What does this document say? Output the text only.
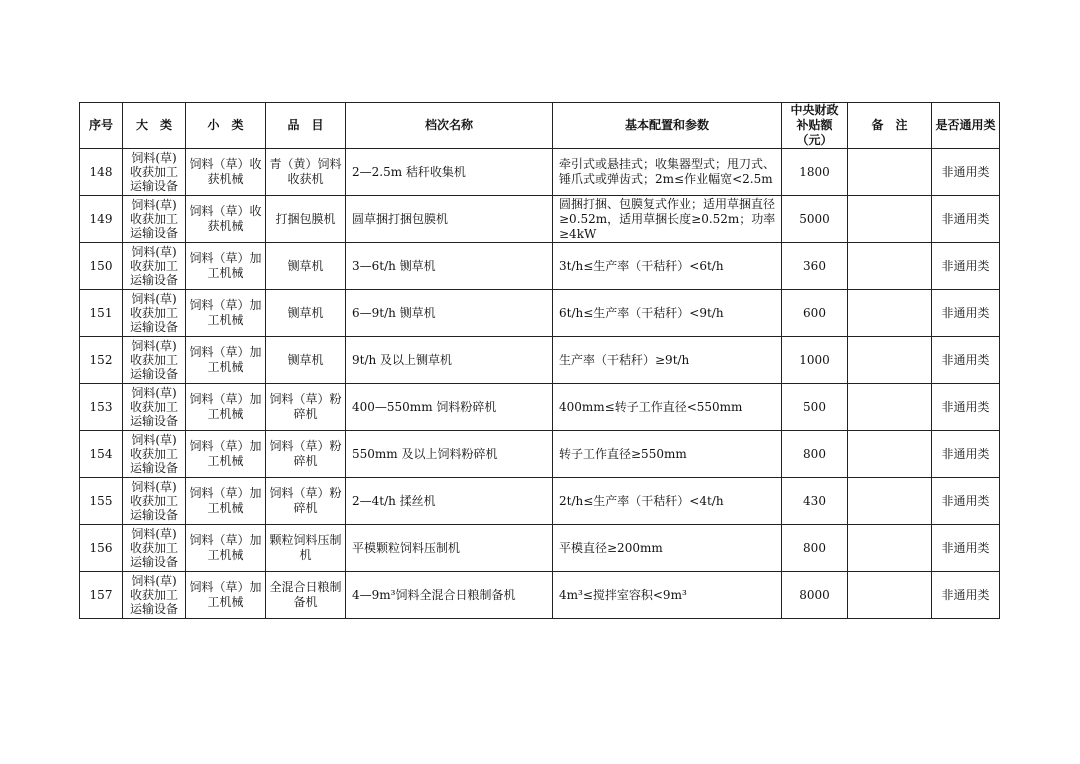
序号	大　类	小　类	品　目	档次名称	基本配置和参数	中央财政补贴额（元）	备　注	是否通用类
148	饲料(草)收获加工运输设备	饲料（草）收获机械	青（黄）饲料收获机	2—2.5m 秸秆收集机	牵引式或悬挂式；收集器型式；甩刀式、锤爪式或弹齿式；2m≤作业幅宽<2.5m	1800		非通用类
149	饲料(草)收获加工运输设备	饲料（草）收获机械	打捆包膜机	圆草捆打捆包膜机	圆捆打捆、包膜复式作业；适用草捆直径≥0.52m，适用草捆长度≥0.52m；功率≥4kW	5000		非通用类
150	饲料(草)收获加工运输设备	饲料（草）加工机械	铡草机	3—6t/h 铡草机	3t/h≤生产率（干秸秆）<6t/h	360		非通用类
151	饲料(草)收获加工运输设备	饲料（草）加工机械	铡草机	6—9t/h 铡草机	6t/h≤生产率（干秸秆）<9t/h	600		非通用类
152	饲料(草)收获加工运输设备	饲料（草）加工机械	铡草机	9t/h 及以上铡草机	生产率（干秸秆）≥9t/h	1000		非通用类
153	饲料(草)收获加工运输设备	饲料（草）加工机械	饲料（草）粉碎机	400—550mm 饲料粉碎机	400mm≤转子工作直径<550mm	500		非通用类
154	饲料(草)收获加工运输设备	饲料（草）加工机械	饲料（草）粉碎机	550mm 及以上饲料粉碎机	转子工作直径≥550mm	800		非通用类
155	饲料(草)收获加工运输设备	饲料（草）加工机械	饲料（草）粉碎机	2—4t/h 揉丝机	2t/h≤生产率（干秸秆）<4t/h	430		非通用类
156	饲料(草)收获加工运输设备	饲料（草）加工机械	颗粒饲料压制机	平模颗粒饲料压制机	平模直径≥200mm	800		非通用类
157	饲料(草)收获加工运输设备	饲料（草）加工机械	全混合日粮制备机	4—9m³饲料全混合日粮制备机	4m³≤搅拌室容积<9m³	8000		非通用类
